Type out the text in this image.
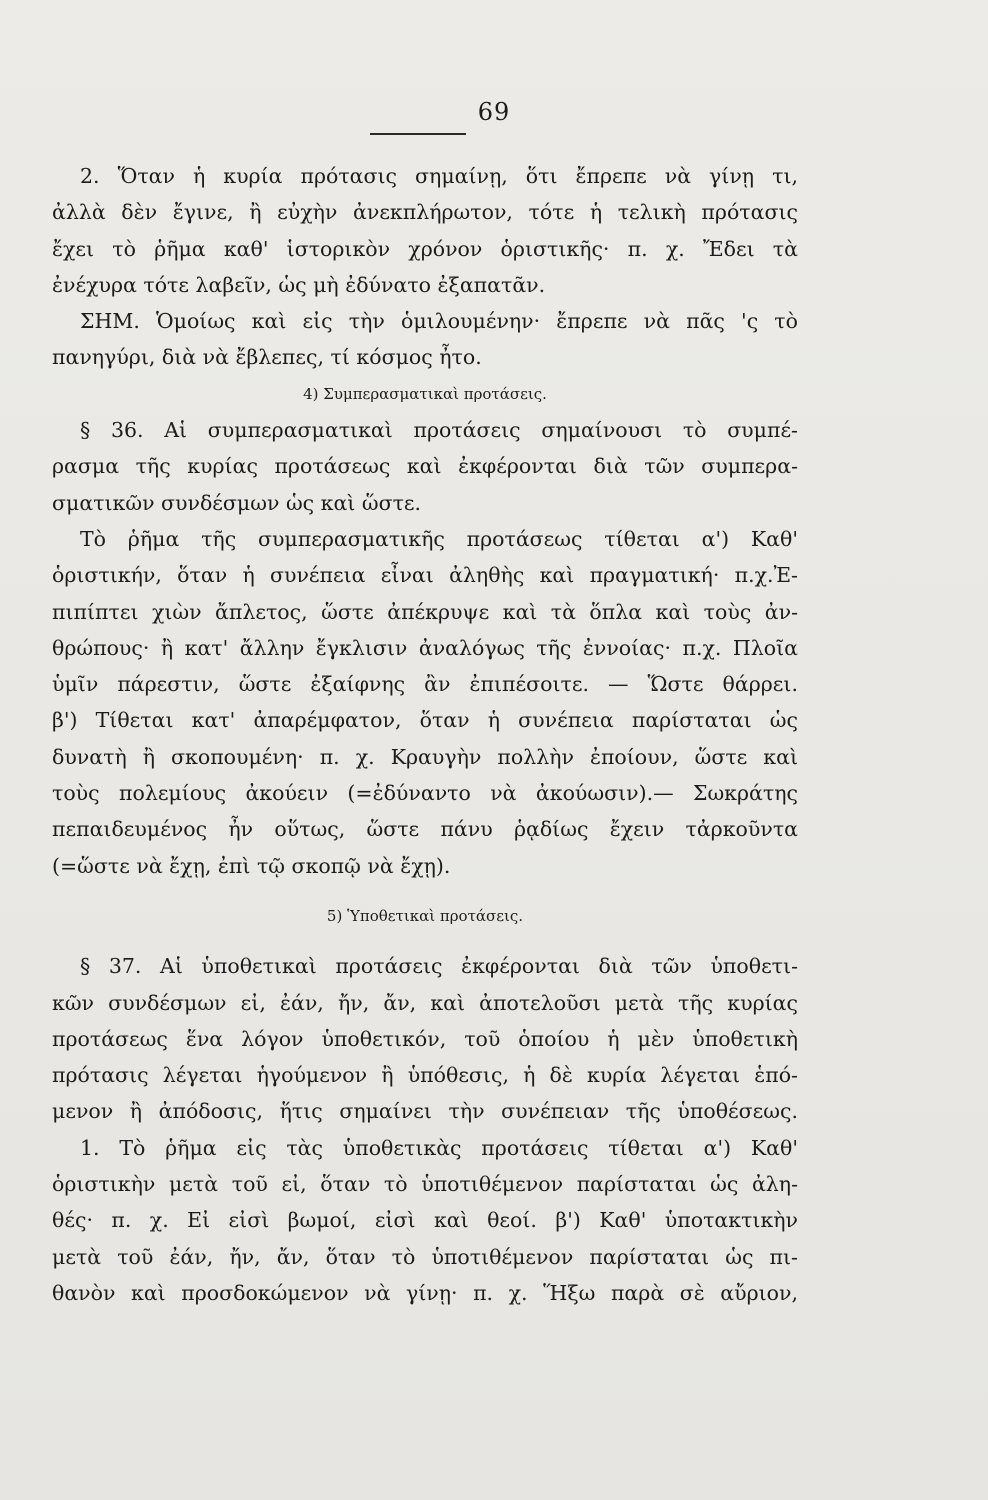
69
2. Ὅταν ἡ κυρία πρότασις σημαίνῃ, ὅτι ἔπρεπε νὰ γίνῃ τι,
ἀλλὰ δὲν ἔγινε, ἢ εὐχὴν ἀνεκπλήρωτον, τότε ἡ τελικὴ πρότασις
ἔχει τὸ ῥῆμα καθ' ἱστορικὸν χρόνον ὁριστικῆς· π. χ. Ἔδει τὰ
ἐνέχυρα τότε λαβεῖν, ὡς μὴ ἐδύνατο ἐξαπατᾶν.
ΣΗΜ. Ὁμοίως καὶ εἰς τὴν ὁμιλουμένην· ἔπρεπε νὰ πᾶς 'ς τὸ
πανηγύρι, διὰ νὰ ἔβλεπες, τί κόσμος ἦτο.
4) Συμπερασματικαὶ προτάσεις.
§ 36. Αἱ συμπερασματικαὶ προτάσεις σημαίνουσι τὸ συμπέ-
ρασμα τῆς κυρίας προτάσεως καὶ ἐκφέρονται διὰ τῶν συμπερα-
σματικῶν συνδέσμων ὡς καὶ ὥστε.
Τὸ ῥῆμα τῆς συμπερασματικῆς προτάσεως τίθεται α') Καθ'
ὁριστικήν, ὅταν ἡ συνέπεια εἶναι ἀληθὴς καὶ πραγματική· π.χ.Ἐ-
πιπίπτει χιὼν ἄπλετος, ὥστε ἀπέκρυψε καὶ τὰ ὅπλα καὶ τοὺς ἀν-
θρώπους· ἢ κατ' ἄλλην ἔγκλισιν ἀναλόγως τῆς ἐννοίας· π.χ. Πλοῖα
ὑμῖν πάρεστιν, ὥστε ἐξαίφνης ἂν ἐπιπέσοιτε. — Ὥστε θάρρει.
β') Τίθεται κατ' ἀπαρέμφατον, ὅταν ἡ συνέπεια παρίσταται ὡς
δυνατὴ ἢ σκοπουμένη· π. χ. Κραυγὴν πολλὴν ἐποίουν, ὥστε καὶ
τοὺς πολεμίους ἀκούειν (=ἐδύναντο νὰ ἀκούωσιν).— Σωκράτης
πεπαιδευμένος ἦν οὕτως, ὥστε πάνυ ῥᾳδίως ἔχειν τἀρκοῦντα
(=ὥστε νὰ ἔχῃ, ἐπὶ τῷ σκοπῷ νὰ ἔχῃ).
5) Ὑποθετικαὶ προτάσεις.
§ 37. Αἱ ὑποθετικαὶ προτάσεις ἐκφέρονται διὰ τῶν ὑποθετι-
κῶν συνδέσμων εἰ, ἐάν, ἤν, ἄν, καὶ ἀποτελοῦσι μετὰ τῆς κυρίας
προτάσεως ἕνα λόγον ὑποθετικόν, τοῦ ὁποίου ἡ μὲν ὑποθετικὴ
πρότασις λέγεται ἡγούμενον ἢ ὑπόθεσις, ἡ δὲ κυρία λέγεται ἑπό-
μενον ἢ ἀπόδοσις, ἥτις σημαίνει τὴν συνέπειαν τῆς ὑποθέσεως.
1. Τὸ ῥῆμα εἰς τὰς ὑποθετικὰς προτάσεις τίθεται α') Καθ'
ὁριστικὴν μετὰ τοῦ εἰ, ὅταν τὸ ὑποτιθέμενον παρίσταται ὡς ἀλη-
θές· π. χ. Εἰ εἰσὶ βωμοί, εἰσὶ καὶ θεοί. β') Καθ' ὑποτακτικὴν
μετὰ τοῦ ἐάν, ἤν, ἄν, ὅταν τὸ ὑποτιθέμενον παρίσταται ὡς πι-
θανὸν καὶ προσδοκώμενον νὰ γίνῃ· π. χ. Ἥξω παρὰ σὲ αὔριον,
